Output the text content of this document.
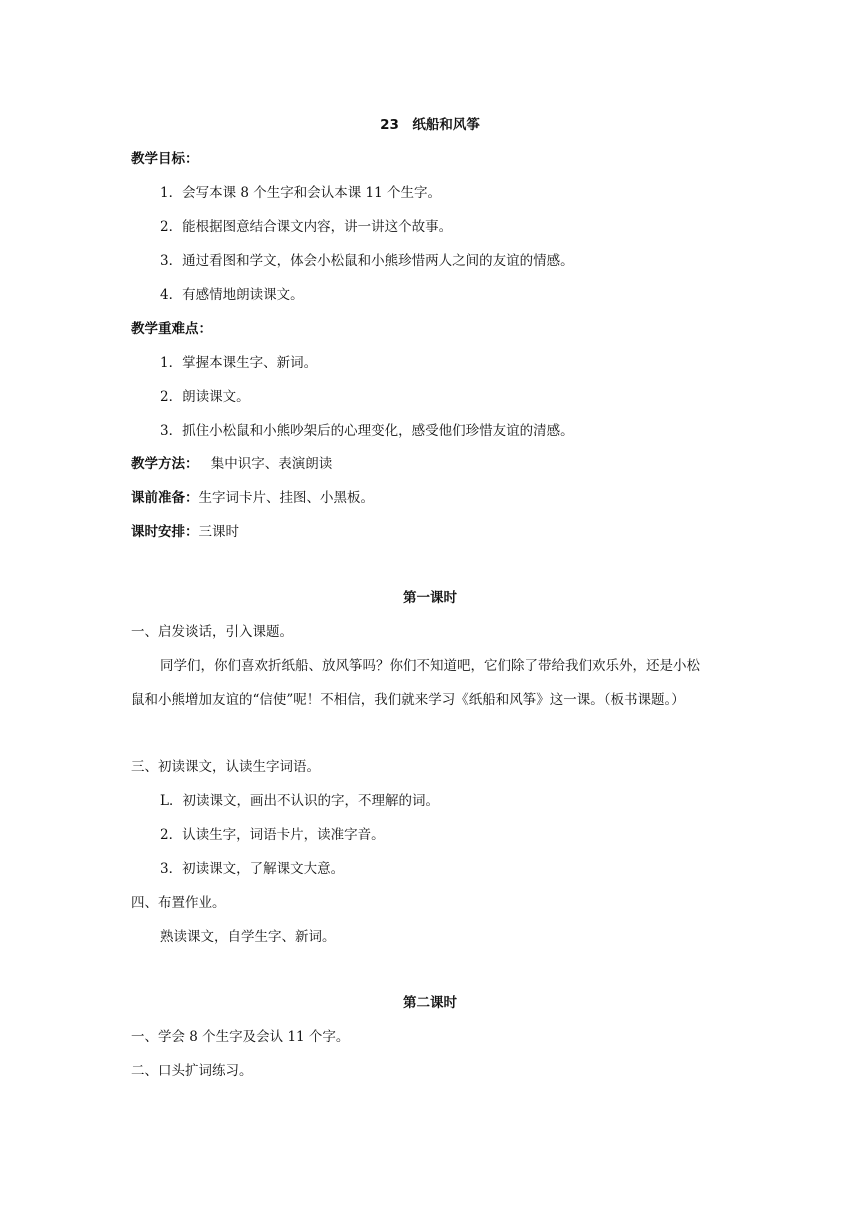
23　纸船和风筝
教学目标：
1．会写本课 8 个生字和会认本课 11 个生字。
2．能根据图意结合课文内容，讲一讲这个故事。
3．通过看图和学文，体会小松鼠和小熊珍惜两人之间的友谊的情感。
4．有感情地朗读课文。
教学重难点：
1．掌握本课生字、新词。
2．朗读课文。
3．抓住小松鼠和小熊吵架后的心理变化，感受他们珍惜友谊的清感。
教学方法： 集中识字、表演朗读
课前准备：生字词卡片、挂图、小黑板。
课时安排：三课时
第一课时
一、启发谈话，引入课题。
同学们，你们喜欢折纸船、放风筝吗？你们不知道吧，它们除了带给我们欢乐外，还是小松鼠和小熊增加友谊的“信使”呢！不相信，我们就来学习《纸船和风筝》这一课。（板书课题。）
三、初读课文，认读生字词语。
L．初读课文，画出不认识的字，不理解的词。
2．认读生字，词语卡片，读准字音。
3．初读课文，了解课文大意。
四、布置作业。
熟读课文，自学生字、新词。
第二课时
一、学会 8 个生字及会认 11 个字。
二、口头扩词练习。
